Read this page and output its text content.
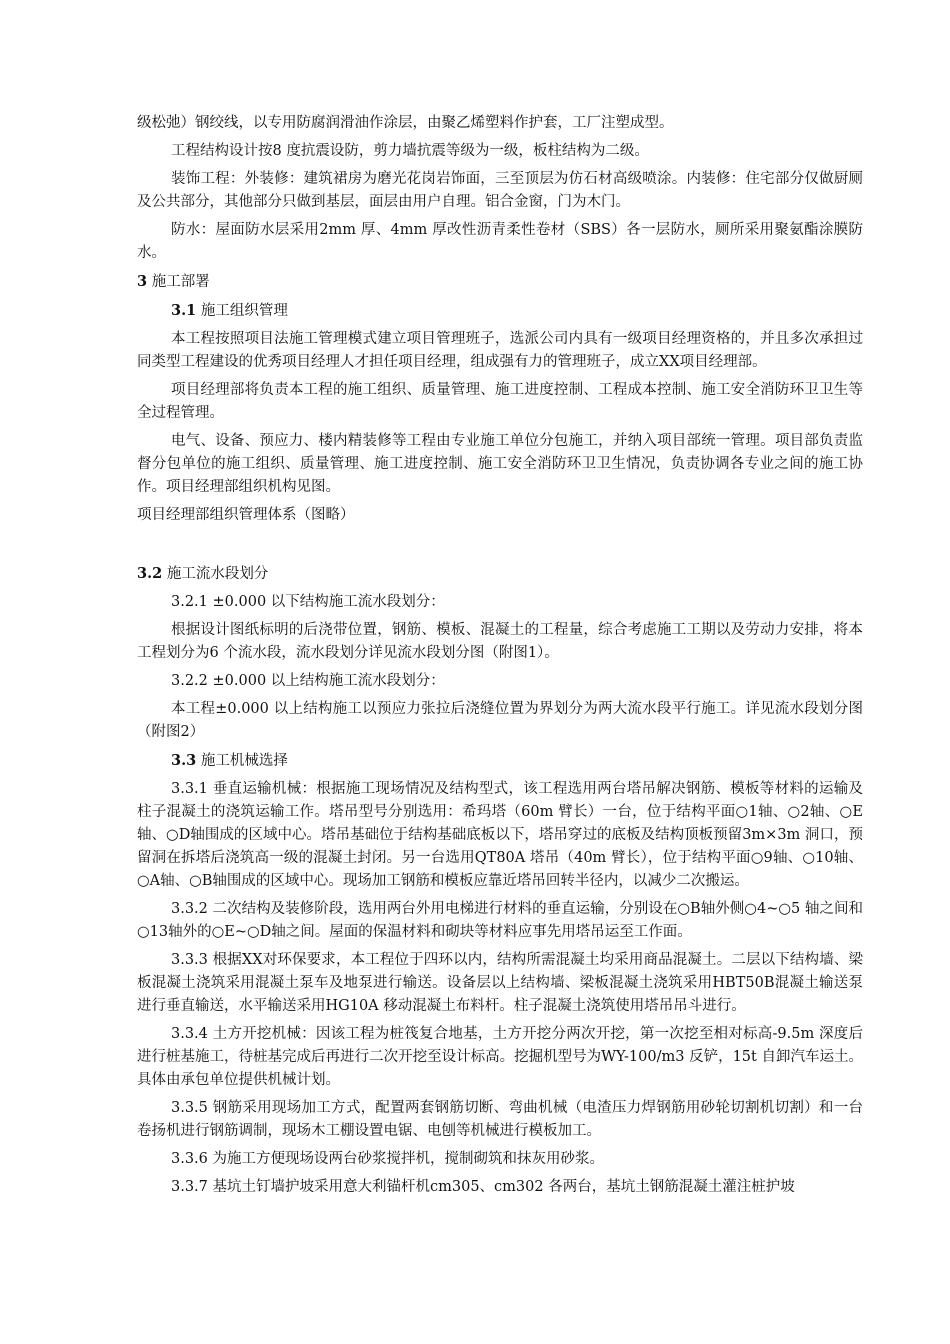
级松弛）钢绞线，以专用防腐润滑油作涂层，由聚乙烯塑料作护套，工厂注塑成型。

工程结构设计按8 度抗震设防，剪力墙抗震等级为一级，板柱结构为二级。

装饰工程：外装修：建筑裙房为磨光花岗岩饰面，三至顶层为仿石材高级喷涂。内装修：住宅部分仅做厨厕及公共部分，其他部分只做到基层，面层由用户自理。铝合金窗，门为木门。

防水：屋面防水层采用2mm 厚、4mm 厚改性沥青柔性卷材（SBS）各一层防水，厕所采用聚氨酯涂膜防水。

3 施工部署

3.1 施工组织管理

本工程按照项目法施工管理模式建立项目管理班子，选派公司内具有一级项目经理资格的，并且多次承担过同类型工程建设的优秀项目经理人才担任项目经理，组成强有力的管理班子，成立XX项目经理部。

项目经理部将负责本工程的施工组织、质量管理、施工进度控制、工程成本控制、施工安全消防环卫卫生等全过程管理。

电气、设备、预应力、楼内精装修等工程由专业施工单位分包施工，并纳入项目部统一管理。项目部负责监督分包单位的施工组织、质量管理、施工进度控制、施工安全消防环卫卫生情况，负责协调各专业之间的施工协作。项目经理部组织机构见图。

项目经理部组织管理体系（图略）

3.2 施工流水段划分

3.2.1 ±0.000 以下结构施工流水段划分：

根据设计图纸标明的后浇带位置，钢筋、模板、混凝土的工程量，综合考虑施工工期以及劳动力安排，将本工程划分为6 个流水段，流水段划分详见流水段划分图（附图1）。

3.2.2 ±0.000 以上结构施工流水段划分：

本工程±0.000 以上结构施工以预应力张拉后浇缝位置为界划分为两大流水段平行施工。详见流水段划分图（附图2）

3.3 施工机械选择

3.3.1 垂直运输机械：根据施工现场情况及结构型式，该工程选用两台塔吊解决钢筋、模板等材料的运输及柱子混凝土的浇筑运输工作。塔吊型号分别选用：希玛塔（60m 臂长）一台，位于结构平面○1轴、○2轴、○E轴、○D轴围成的区域中心。塔吊基础位于结构基础底板以下，塔吊穿过的底板及结构顶板预留3m×3m 洞口，预留洞在拆塔后浇筑高一级的混凝土封闭。另一台选用QT80A 塔吊（40m 臂长），位于结构平面○9轴、○10轴、○A轴、○B轴围成的区域中心。现场加工钢筋和模板应靠近塔吊回转半径内，以减少二次搬运。

3.3.2 二次结构及装修阶段，选用两台外用电梯进行材料的垂直运输，分别设在○B轴外侧○4~○5 轴之间和○13轴外的○E~○D轴之间。屋面的保温材料和砌块等材料应事先用塔吊运至工作面。

3.3.3 根据XX对环保要求，本工程位于四环以内，结构所需混凝土均采用商品混凝土。二层以下结构墙、梁板混凝土浇筑采用混凝土泵车及地泵进行输送。设备层以上结构墙、梁板混凝土浇筑采用HBT50B混凝土输送泵进行垂直输送，水平输送采用HG10A 移动混凝土布料杆。柱子混凝土浇筑使用塔吊吊斗进行。

3.3.4 土方开挖机械：因该工程为桩筏复合地基，土方开挖分两次开挖，第一次挖至相对标高-9.5m 深度后进行桩基施工，待桩基完成后再进行二次开挖至设计标高。挖掘机型号为WY-100/m3 反铲，15t 自卸汽车运土。具体由承包单位提供机械计划。

3.3.5 钢筋采用现场加工方式，配置两套钢筋切断、弯曲机械（电渣压力焊钢筋用砂轮切割机切割）和一台卷扬机进行钢筋调制，现场木工棚设置电锯、电刨等机械进行模板加工。

3.3.6 为施工方便现场设两台砂浆搅拌机，搅制砌筑和抹灰用砂浆。

3.3.7 基坑土钉墙护坡采用意大利锚杆机cm305、cm302 各两台，基坑土钢筋混凝土灌注桩护坡
